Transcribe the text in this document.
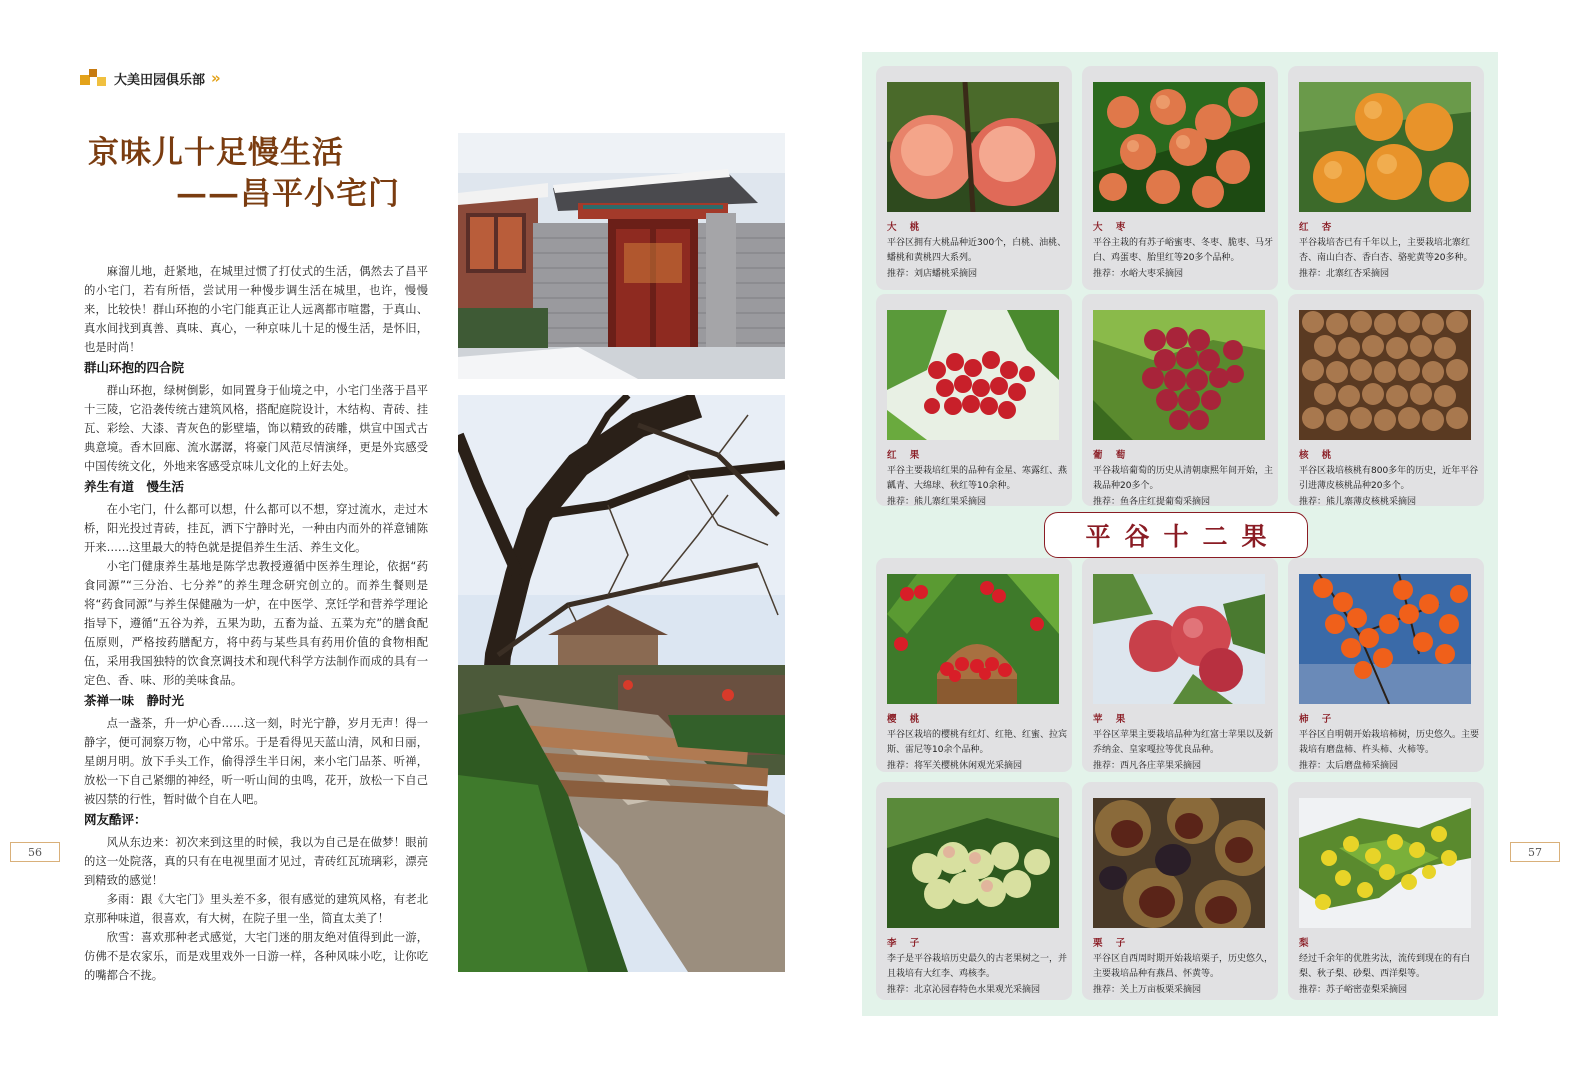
大美田园俱乐部 »
京味儿十足慢生活
——昌平小宅门

麻溜儿地，赶紧地，在城里过惯了打仗式的生活，偶然去了昌平的小宅门，若有所悟，尝试用一种慢步调生活在城里，也许，慢慢来，比较快！群山环抱的小宅门能真正让人远离都市喧嚣，于真山、真水间找到真善、真味、真心，一种京味儿十足的慢生活，是怀旧，也是时尚！

群山环抱的四合院

群山环抱，绿树倒影，如同置身于仙境之中，小宅门坐落于昌平十三陵，它沿袭传统古建筑风格，搭配庭院设计，木结构、青砖、挂瓦、彩绘、大漆、青灰色的影壁墙，饰以精致的砖雕，烘宣中国式古典意境。香木回廊、流水潺潺，将豪门风范尽情演绎，更是外宾感受中国传统文化，外地来客感受京味儿文化的上好去处。

养生有道　慢生活

在小宅门，什么都可以想，什么都可以不想，穿过流水，走过木桥，阳光投过青砖，挂瓦，洒下宁静时光，一种由内而外的祥意铺陈开来……这里最大的特色就是提倡养生生活、养生文化。

小宅门健康养生基地是陈学忠教授遵循中医养生理论，依据“药食同源”“三分治、七分养”的养生理念研究创立的。而养生餐则是将“药食同源”与养生保健融为一炉，在中医学、烹饪学和营养学理论指导下，遵循“五谷为养，五果为助，五畜为益、五菜为充”的膳食配伍原则，严格按药膳配方，将中药与某些具有药用价值的食物相配伍，采用我国独特的饮食烹调技术和现代科学方法制作而成的具有一定色、香、味、形的美味食品。

茶禅一味　静时光

点一盏茶，升一炉心香……这一刻，时光宁静，岁月无声！得一静字，便可洞察万物，心中常乐。于是看得见天蓝山清，风和日丽，星朗月明。放下手头工作，偷得浮生半日闲，来小宅门品茶、听禅，放松一下自己紧绷的神经，听一听山间的虫鸣，花开，放松一下自己被囚禁的行性，暂时做个自在人吧。

网友酷评：

风从东边来：初次来到这里的时候，我以为自己是在做梦！眼前的这一处院落，真的只有在电视里面才见过，青砖红瓦琉璃彩，漂亮到精致的感觉！

多雨：跟《大宅门》里头差不多，很有感觉的建筑风格，有老北京那种味道，很喜欢，有大树，在院子里一坐，简直太美了！

欣雪：喜欢那种老式感觉，大宅门迷的朋友绝对值得到此一游，仿佛不是农家乐，而是戏里戏外一日游一样，各种风味小吃，让你吃的嘴都合不拢。

56	57
大 桃
平谷区拥有大桃品种近300个，白桃、油桃、蟠桃和黄桃四大系列。
推荐：刘店蟠桃采摘园
大 枣
平谷主栽的有苏子峪蜜枣、冬枣、脆枣、马牙白、鸡蛋枣、胎里红等20多个品种。
推荐：水峪大枣采摘园
红 杏
平谷栽培杏已有千年以上，主要栽培北寨红杏、南山白杏、香白杏、骆驼黄等20多种。
推荐：北寨红杏采摘园
红 果
平谷主要栽培红果的品种有金星、寒露红、燕瓤青、大绵球、秋红等10余种。
推荐：熊儿寨红果采摘园
葡 萄
平谷栽培葡萄的历史从清朝康熙年间开始，主栽品种20多个。
推荐：鱼各庄红提葡萄采摘园
核 桃
平谷区栽培核桃有800多年的历史，近年平谷引进薄皮核桃品种20多个。
推荐：熊儿寨薄皮核桃采摘园
平谷十二果
樱 桃
平谷区栽培的樱桃有红灯、红艳、红蜜、拉宾斯、雷尼等10余个品种。
推荐：将军关樱桃休闲观光采摘园
苹 果
平谷区苹果主要栽培品种为红富士苹果以及新乔纳金、皇家嘎拉等优良品种。
推荐：西凡各庄苹果采摘园
柿 子
平谷区自明朝开始栽培柿树，历史悠久。主要栽培有磨盘柿、杵头柿、火柿等。
推荐：太后磨盘柿采摘园
李 子
李子是平谷栽培历史最久的古老果树之一，并且栽培有大红李、鸡核李。
推荐：北京沁园春特色水果观光采摘园
栗 子
平谷区自西周时期开始栽培栗子，历史悠久，主要栽培品种有燕昌、怀黄等。
推荐：关上万亩板栗采摘园
梨
经过千余年的优胜劣汰，流传到现在的有白梨、秋子梨、砂梨、西洋梨等。
推荐：苏子峪密壶梨采摘园
